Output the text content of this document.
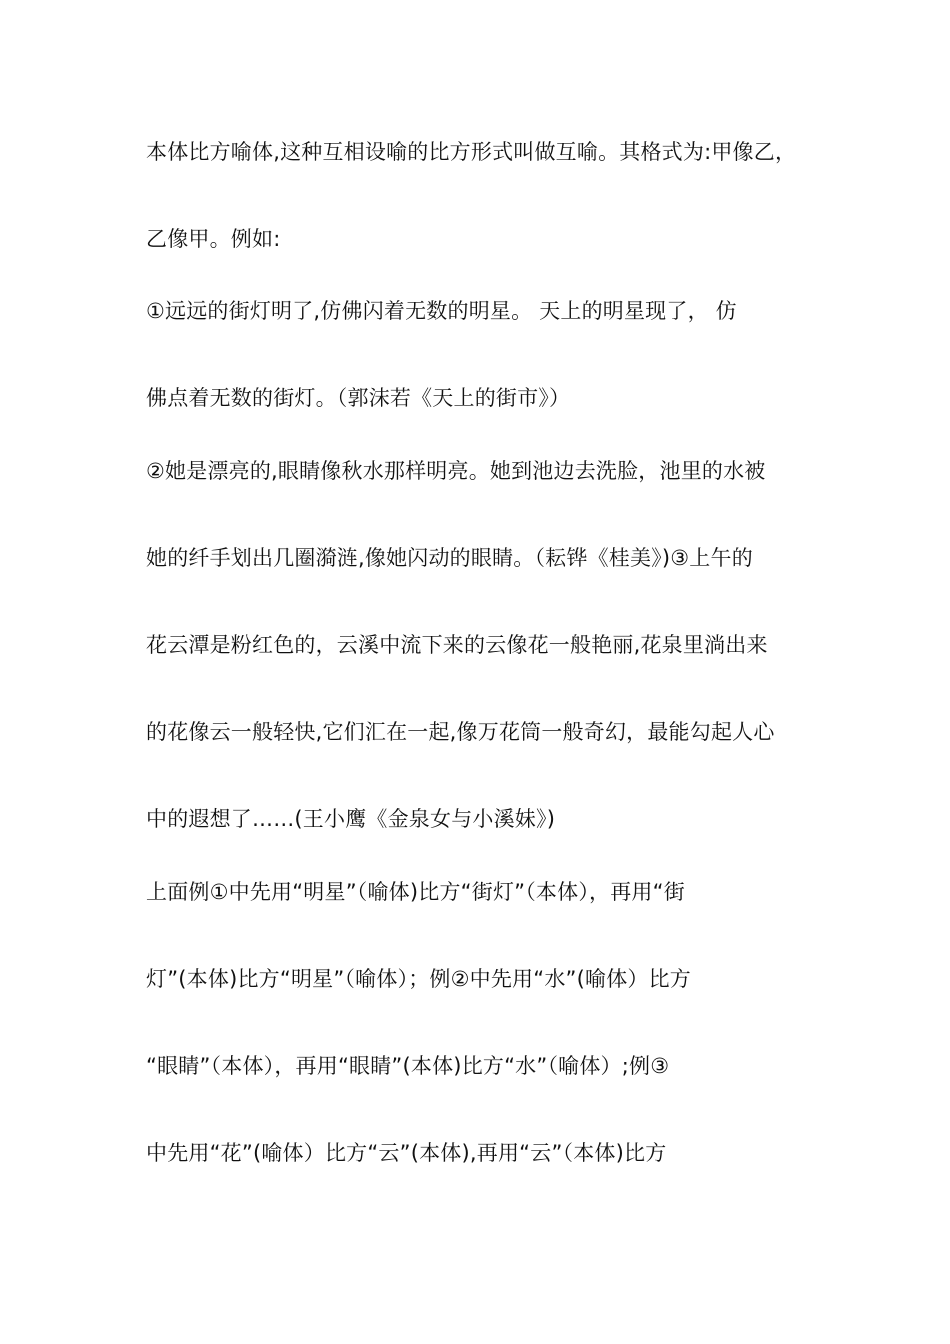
本体比方喻体,这种互相设喻的比方形式叫做互喻。其格式为:甲像乙，
乙像甲。例如:
①远远的街灯明了,仿佛闪着无数的明星。 天上的明星现了， 仿
佛点着无数的街灯。（郭沫若《天上的街市》）
②她是漂亮的,眼睛像秋水那样明亮。她到池边去洗脸，池里的水被
她的纤手划出几圈漪涟,像她闪动的眼睛。（耘铧《桂美》)③上午的
花云潭是粉红色的，云溪中流下来的云像花一般艳丽,花泉里淌出来
的花像云一般轻快,它们汇在一起,像万花筒一般奇幻，最能勾起人心
中的遐想了……(王小鹰《金泉女与小溪妹》)
上面例①中先用“明星”（喻体)比方“街灯”（本体），再用“街
灯”(本体)比方“明星”（喻体）；例②中先用“水”(喻体）比方
“眼睛”（本体），再用“眼睛”(本体)比方“水”（喻体）;例③
中先用“花”(喻体）比方“云”(本体),再用“云”（本体)比方
